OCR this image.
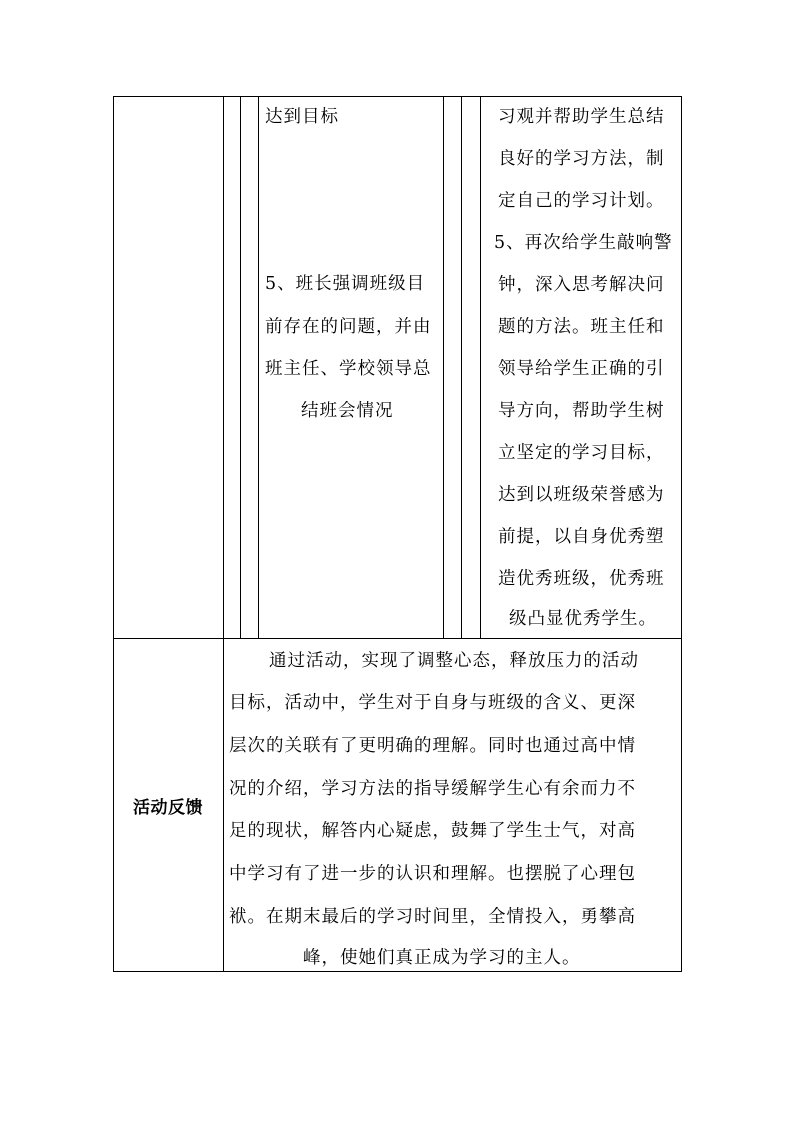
达到目标
5、班长强调班级目
前存在的问题，并由
班主任、学校领导总
结班会情况
习观并帮助学生总结
良好的学习方法，制
定自己的学习计划。
5、再次给学生敲响警
钟，深入思考解决问
题的方法。班主任和
领导给学生正确的引
导方向，帮助学生树
立坚定的学习目标，
达到以班级荣誉感为
前提，以自身优秀塑
造优秀班级，优秀班
级凸显优秀学生。
活动反馈
通过活动，实现了调整心态，释放压力的活动
目标，活动中，学生对于自身与班级的含义、更深
层次的关联有了更明确的理解。同时也通过高中情
况的介绍，学习方法的指导缓解学生心有余而力不
足的现状，解答内心疑虑，鼓舞了学生士气，对高
中学习有了进一步的认识和理解。也摆脱了心理包
袱。在期末最后的学习时间里，全情投入，勇攀高
峰，使她们真正成为学习的主人。
